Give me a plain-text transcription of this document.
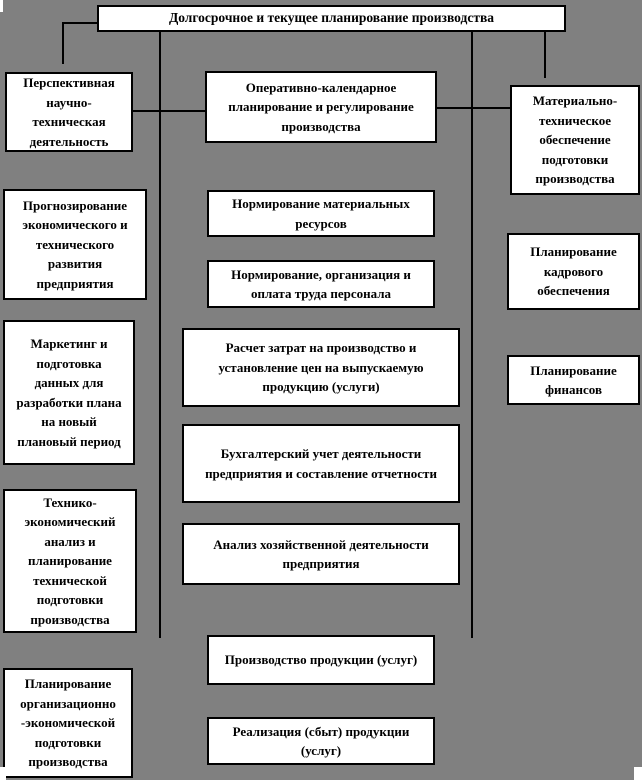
Долгосрочное и текущее планирование производства
Перспективная научно-техническая деятельность
Прогнозирование экономического и технического развития предприятия
Маркетинг и подготовка данных для разработки плана на новый плановый период
Технико-экономический анализ и планирование технической подготовки производства
Планирование организационно -экономической подготовки производства
Оперативно-календарное планирование и регулирование производства
Нормирование материальных ресурсов
Нормирование, организация и оплата труда персонала
Расчет затрат на производство и установление цен на выпускаемую продукцию (услуги)
Бухгалтерский учет деятельности предприятия и составление отчетности
Анализ хозяйственной деятельности предприятия
Производство продукции (услуг)
Реализация (сбыт) продукции (услуг)
Материально-техническое обеспечение подготовки производства
Планирование кадрового обеспечения
Планирование финансов
